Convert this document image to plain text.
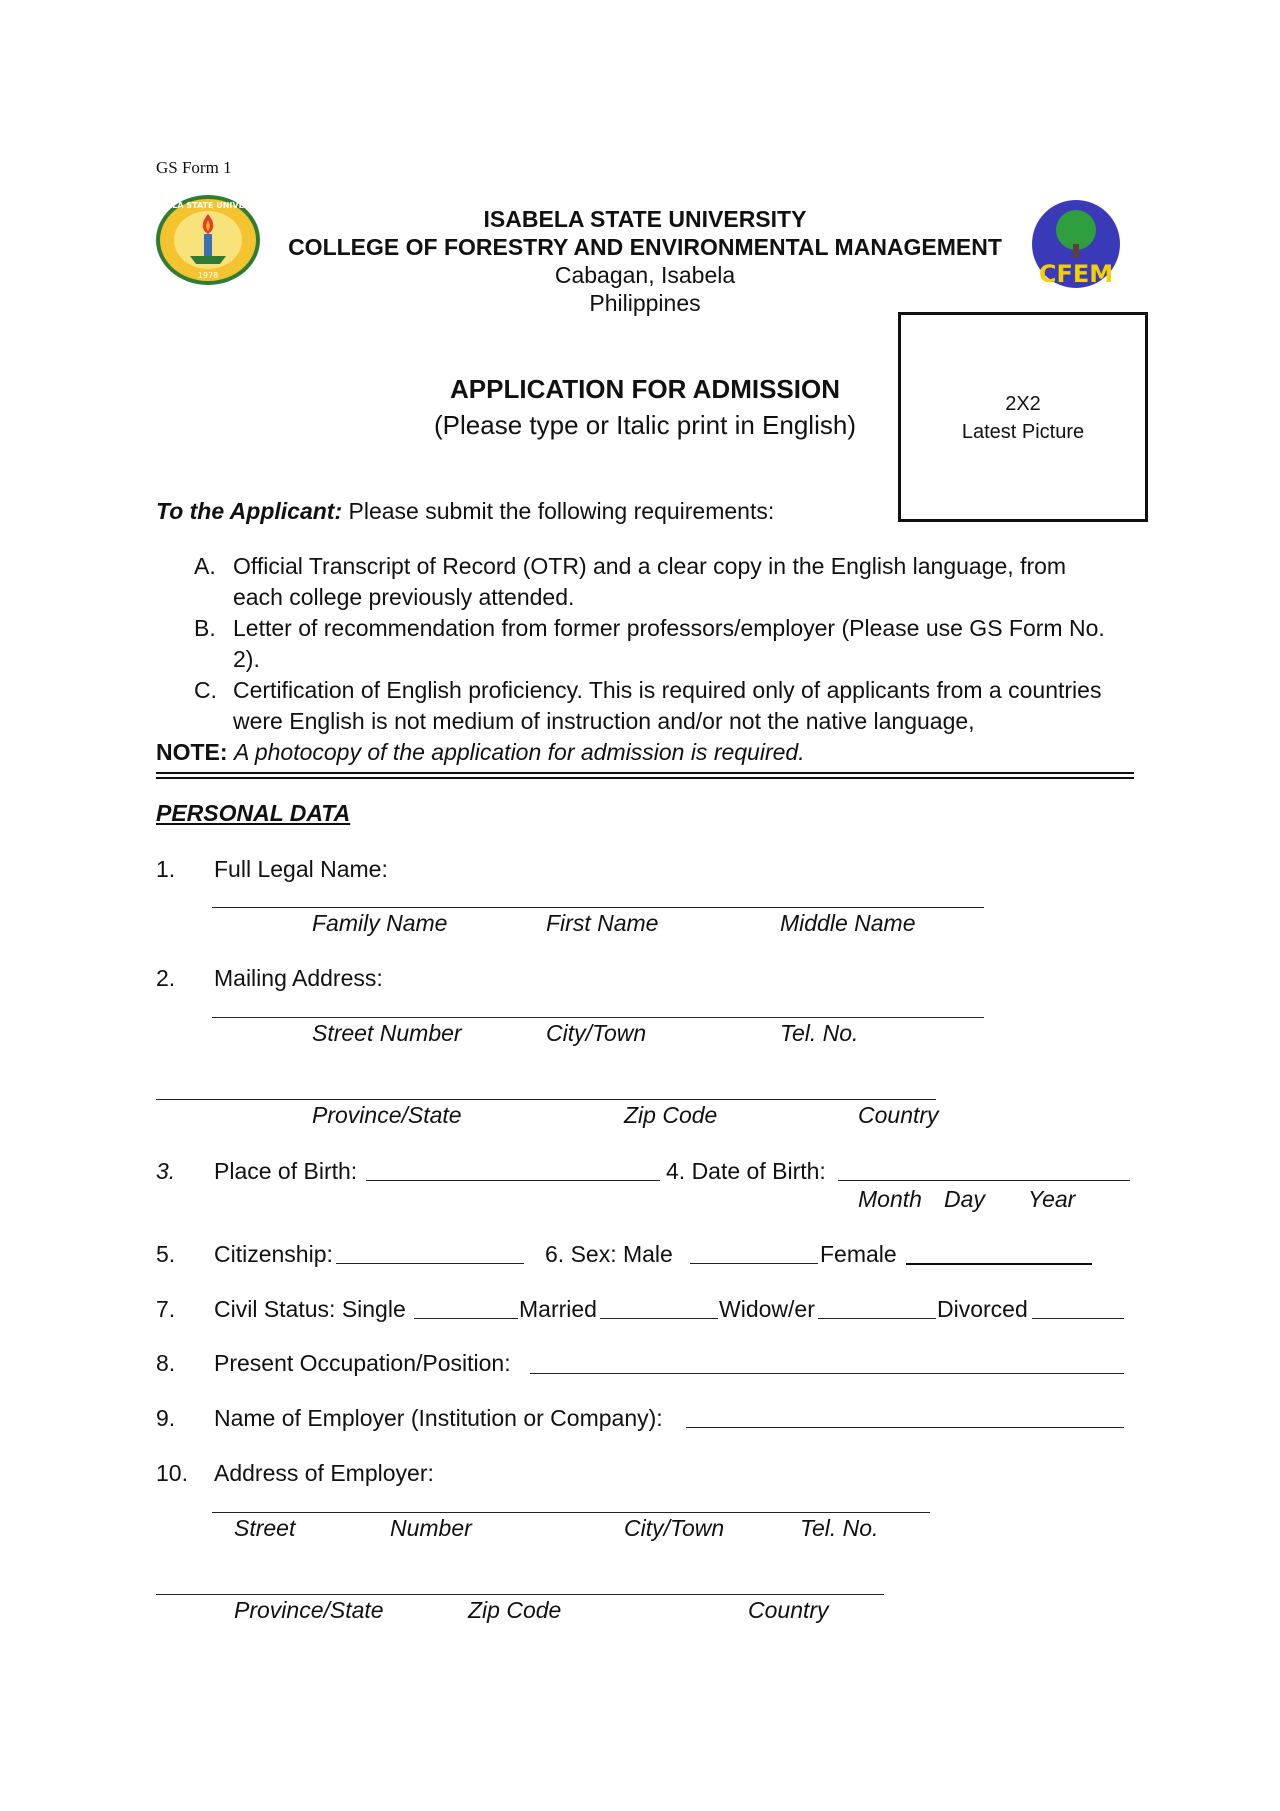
GS Form 1
ISABELA STATE UNIVERSITY
1978
ISABELA STATE UNIVERSITY
COLLEGE OF FORESTRY AND ENVIRONMENTAL MANAGEMENT
Cabagan, Isabela
Philippines
CFEM
2X2
Latest Picture
APPLICATION FOR ADMISSION
(Please type or Italic print in English)
To the Applicant: Please submit the following requirements:
A. Official Transcript of Record (OTR) and a clear copy in the English language, from
each college previously attended.
B. Letter of recommendation from former professors/employer (Please use GS Form No.
2).
C. Certification of English proficiency. This is required only of applicants from a countries
were English is not medium of instruction and/or not the native language,
NOTE: A photocopy of the application for admission is required.
PERSONAL DATA
1. Full Legal Name:
Family Name	First Name	Middle Name
2. Mailing Address:
Street Number	City/Town	Tel. No.
Province/State	Zip Code	Country
3. Place of Birth:	4. Date of Birth:
Month Day Year
5. Citizenship:	6. Sex: Male	Female
7. Civil Status: Single	Married	Widow/er	Divorced
8. Present Occupation/Position:
9. Name of Employer (Institution or Company):
10. Address of Employer:
Street	Number	City/Town	Tel. No.
Province/State	Zip Code	Country
